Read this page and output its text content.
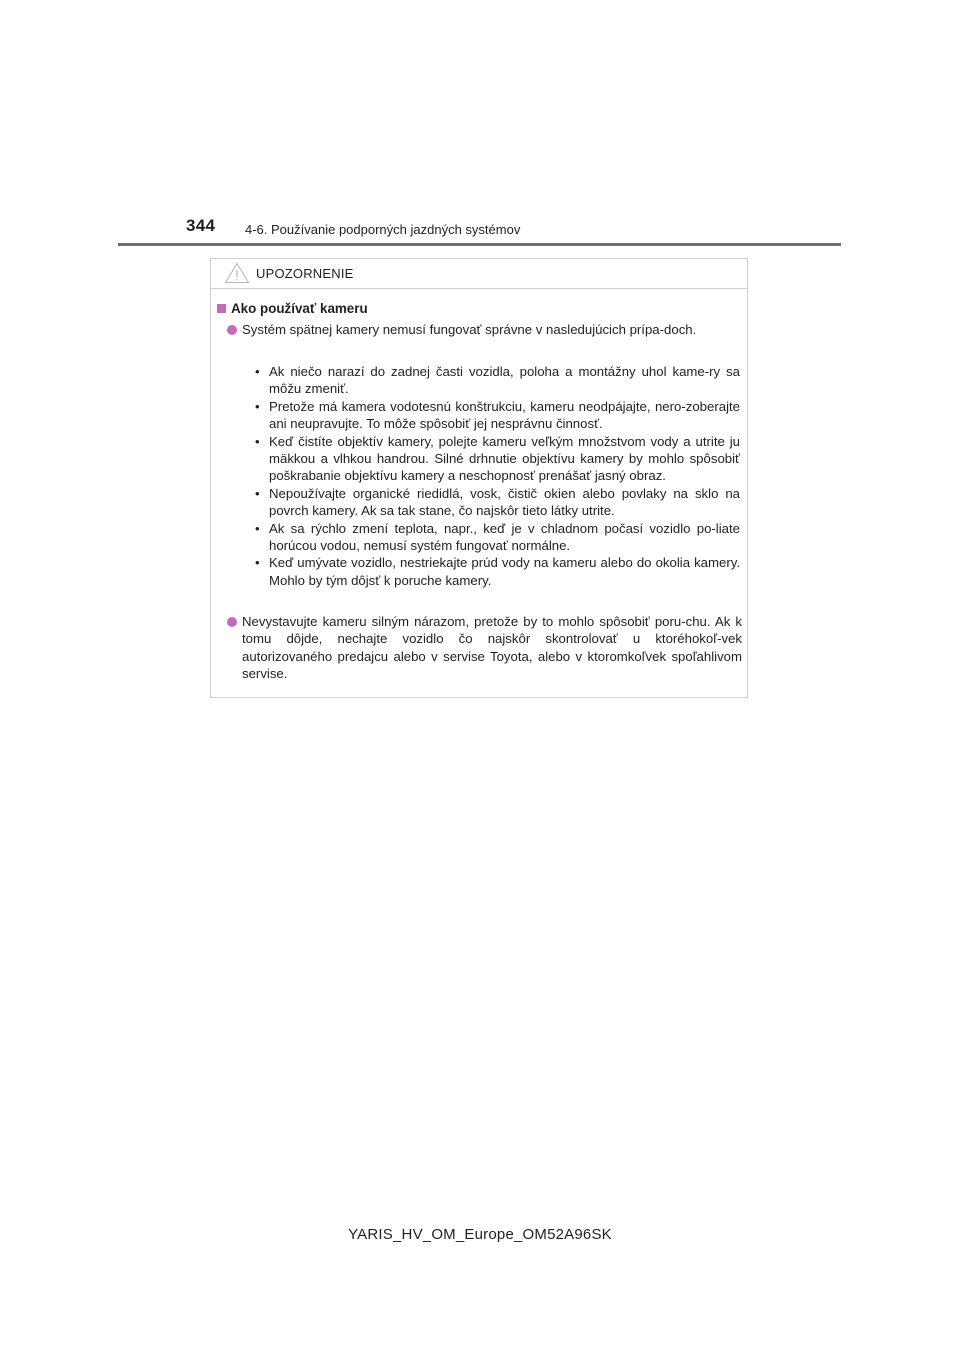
344 4-6. Používanie podporných jazdných systémov
UPOZORNENIE
Ako používať kameru
Systém spätnej kamery nemusí fungovať správne v nasledujúcich prípa-doch.
• Ak niečo narazí do zadnej časti vozidla, poloha a montážny uhol kame-ry sa môžu zmeniť.
• Pretože má kamera vodotesnú konštrukciu, kameru neodpájajte, nero-zoberajte ani neupravujte. To môže spôsobiť jej nesprávnu činnosť.
• Keď čistíte objektív kamery, polejte kameru veľkým množstvom vody a utrite ju mäkkou a vlhkou handrou. Silné drhnutie objektívu kamery by mohlo spôsobiť poškrabanie objektívu kamery a neschopnosť prenášať jasný obraz.
• Nepoužívajte organické riedidlá, vosk, čistič okien alebo povlaky na sklo na povrch kamery. Ak sa tak stane, čo najskôr tieto látky utrite.
• Ak sa rýchlo zmení teplota, napr., keď je v chladnom počasí vozidlo po-liate horúcou vodou, nemusí systém fungovať normálne.
• Keď umývate vozidlo, nestriekajte prúd vody na kameru alebo do okolia kamery. Mohlo by tým dôjsť k poruche kamery.
Nevystavujte kameru silným nárazom, pretože by to mohlo spôsobiť poru-chu. Ak k tomu dôjde, nechajte vozidlo čo najskôr skontrolovať u ktoréhokoľ-vek autorizovaného predajcu alebo v servise Toyota, alebo v ktoromkoľvek spoľahlivom servise.
YARIS_HV_OM_Europe_OM52A96SK
